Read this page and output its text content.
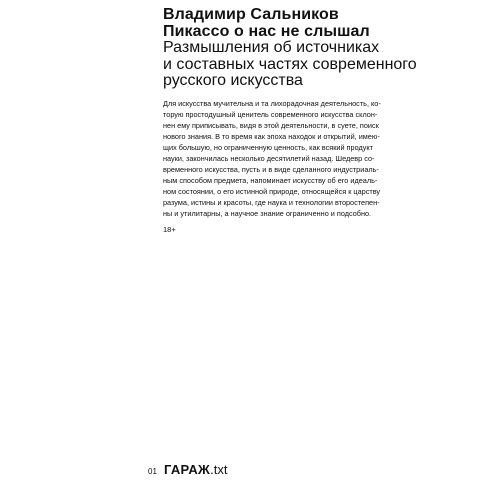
Владимир Сальников

Пикассо о нас не слышал

Размышления об источниках

и составных частях современного

русского искусства

Для искусства мучительна и та лихорадочная деятельность, ко-
торую простодушный ценитель современного искусства склон-
нен ему приписывать, видя в этой деятельности, в суете, поиск
нового знания. В то время как эпоха находок и открытий, имею-
щих большую, но ограниченную ценность, как всякий продукт
науки, закончилась несколько десятилетий назад. Шедевр со-
временного искусства, пусть и в виде сделанного индустриаль-
ным способом предмета, напоминает искусству об его идеаль-
ном состоянии, о его истинной природе, относящейся к царству
разума, истины и красоты, где наука и технологии второстепен-
ны и утилитарны, а научное знание ограниченно и подсобно.

18+
01 ГАРАЖ .txt
